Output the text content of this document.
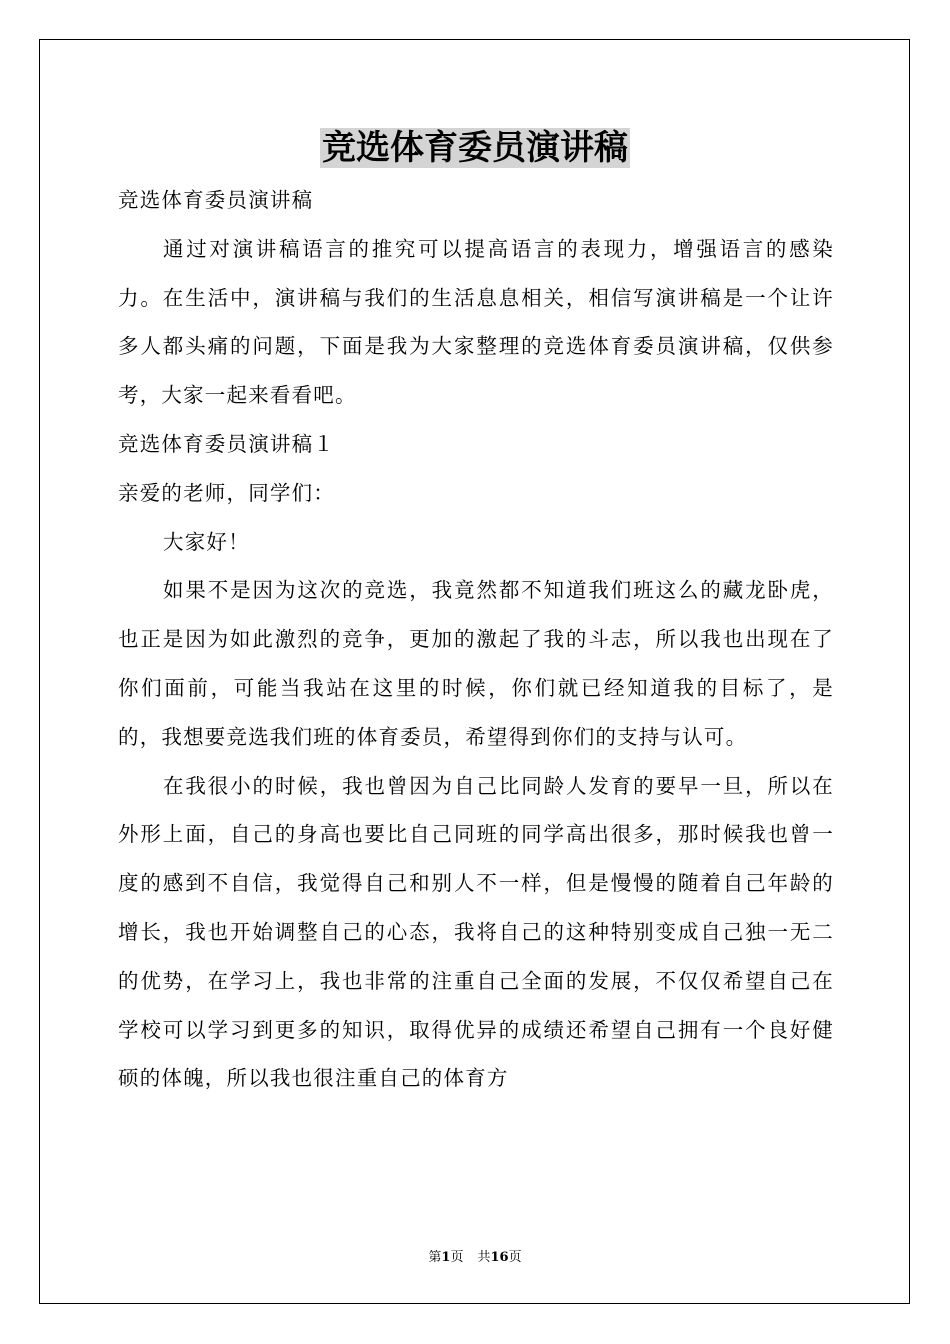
竞选体育委员演讲稿

竞选体育委员演讲稿

通过对演讲稿语言的推究可以提高语言的表现力，增强语言的感染力。在生活中，演讲稿与我们的生活息息相关，相信写演讲稿是一个让许多人都头痛的问题，下面是我为大家整理的竞选体育委员演讲稿，仅供参考，大家一起来看看吧。

竞选体育委员演讲稿１

亲爱的老师，同学们：

大家好！

如果不是因为这次的竞选，我竟然都不知道我们班这么的藏龙卧虎，也正是因为如此激烈的竞争，更加的激起了我的斗志，所以我也出现在了你们面前，可能当我站在这里的时候，你们就已经知道我的目标了，是的，我想要竞选我们班的体育委员，希望得到你们的支持与认可。

在我很小的时候，我也曾因为自己比同龄人发育的要早一旦，所以在外形上面，自己的身高也要比自己同班的同学高出很多，那时候我也曾一度的感到不自信，我觉得自己和别人不一样，但是慢慢的随着自己年龄的增长，我也开始调整自己的心态，我将自己的这种特别变成自己独一无二的优势，在学习上，我也非常的注重自己全面的发展，不仅仅希望自己在学校可以学习到更多的知识，取得优异的成绩还希望自己拥有一个良好健硕的体魄，所以我也很注重自己的体育方

第1页 共16页
